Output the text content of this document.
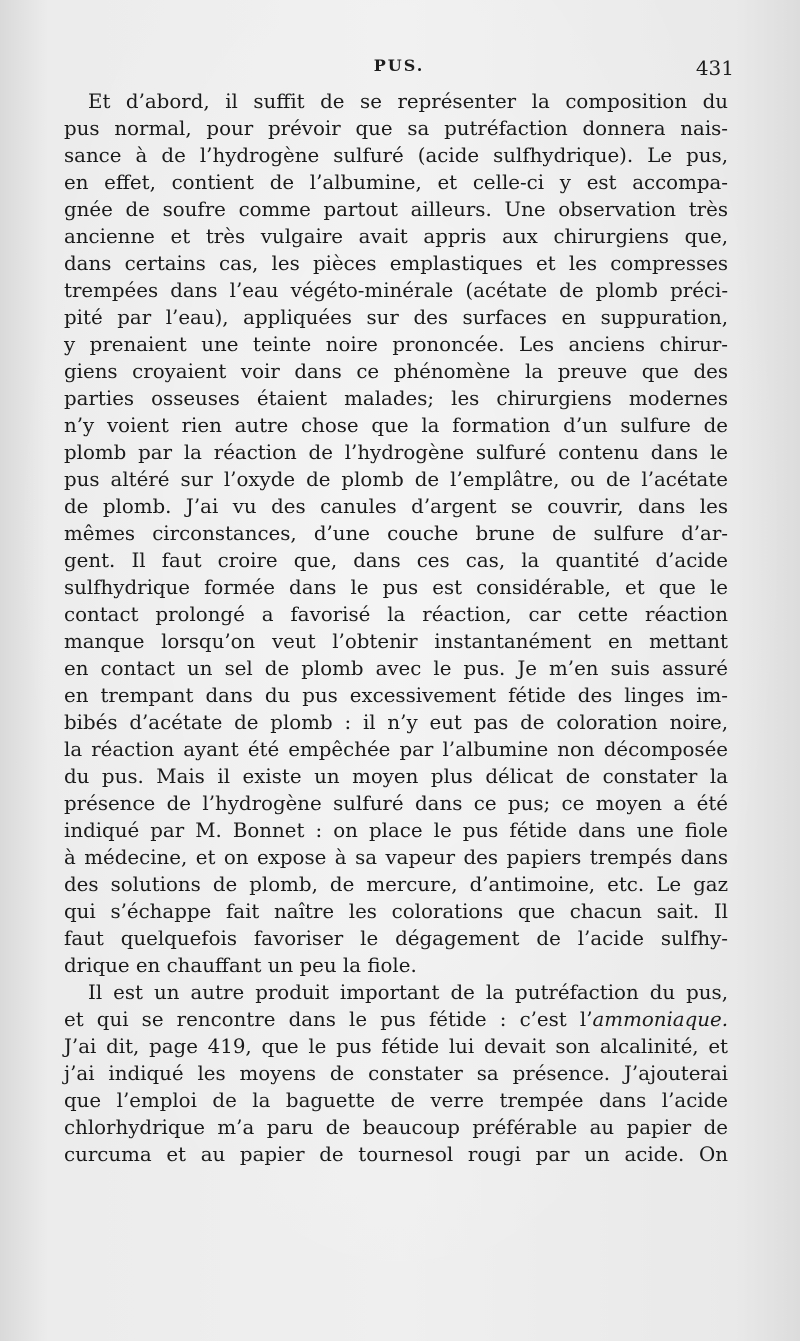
PUS.	431
Et d’abord, il suffit de se représenter la composition du
pus normal, pour prévoir que sa putréfaction donnera nais-
sance à de l’hydrogène sulfuré (acide sulfhydrique). Le pus,
en effet, contient de l’albumine, et celle-ci y est accompa-
gnée de soufre comme partout ailleurs. Une observation très
ancienne et très vulgaire avait appris aux chirurgiens que,
dans certains cas, les pièces emplastiques et les compresses
trempées dans l’eau végéto-minérale (acétate de plomb préci-
pité par l’eau), appliquées sur des surfaces en suppuration,
y prenaient une teinte noire prononcée. Les anciens chirur-
giens croyaient voir dans ce phénomène la preuve que des
parties osseuses étaient malades; les chirurgiens modernes
n’y voient rien autre chose que la formation d’un sulfure de
plomb par la réaction de l’hydrogène sulfuré contenu dans le
pus altéré sur l’oxyde de plomb de l’emplâtre, ou de l’acétate
de plomb. J’ai vu des canules d’argent se couvrir, dans les
mêmes circonstances, d’une couche brune de sulfure d’ar-
gent. Il faut croire que, dans ces cas, la quantité d’acide
sulfhydrique formée dans le pus est considérable, et que le
contact prolongé a favorisé la réaction, car cette réaction
manque lorsqu’on veut l’obtenir instantanément en mettant
en contact un sel de plomb avec le pus. Je m’en suis assuré
en trempant dans du pus excessivement fétide des linges im-
bibés d’acétate de plomb : il n’y eut pas de coloration noire,
la réaction ayant été empêchée par l’albumine non décomposée
du pus. Mais il existe un moyen plus délicat de constater la
présence de l’hydrogène sulfuré dans ce pus; ce moyen a été
indiqué par M. Bonnet : on place le pus fétide dans une fiole
à médecine, et on expose à sa vapeur des papiers trempés dans
des solutions de plomb, de mercure, d’antimoine, etc. Le gaz
qui s’échappe fait naître les colorations que chacun sait. Il
faut quelquefois favoriser le dégagement de l’acide sulfhy-
drique en chauffant un peu la fiole.
Il est un autre produit important de la putréfaction du pus,
et qui se rencontre dans le pus fétide : c’est l’ammoniaque.
J’ai dit, page 419, que le pus fétide lui devait son alcalinité, et
j’ai indiqué les moyens de constater sa présence. J’ajouterai
que l’emploi de la baguette de verre trempée dans l’acide
chlorhydrique m’a paru de beaucoup préférable au papier de
curcuma et au papier de tournesol rougi par un acide. On
